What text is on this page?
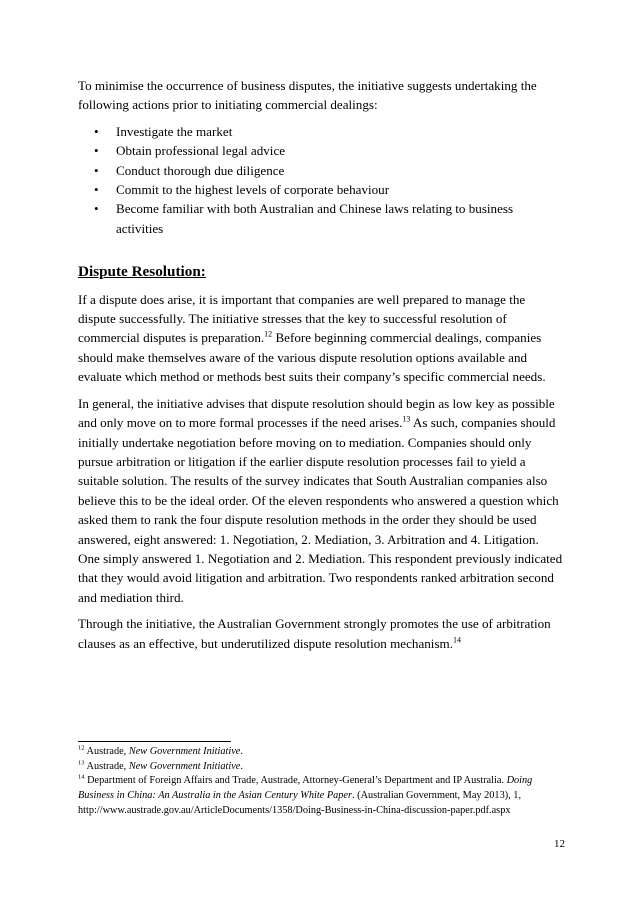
To minimise the occurrence of business disputes, the initiative suggests undertaking the following actions prior to initiating commercial dealings:

• Investigate the market
• Obtain professional legal advice
• Conduct thorough due diligence
• Commit to the highest levels of corporate behaviour
• Become familiar with both Australian and Chinese laws relating to business activities
Dispute Resolution:

If a dispute does arise, it is important that companies are well prepared to manage the dispute successfully. The initiative stresses that the key to successful resolution of commercial disputes is preparation.$^{12}$ Before beginning commercial dealings, companies should make themselves aware of the various dispute resolution options available and evaluate which method or methods best suits their company’s specific commercial needs.

In general, the initiative advises that dispute resolution should begin as low key as possible and only move on to more formal processes if the need arises.$^{13}$ As such, companies should initially undertake negotiation before moving on to mediation. Companies should only pursue arbitration or litigation if the earlier dispute resolution processes fail to yield a suitable solution. The results of the survey indicates that South Australian companies also believe this to be the ideal order. Of the eleven respondents who answered a question which asked them to rank the four dispute resolution methods in the order they should be used answered, eight answered: 1. Negotiation, 2. Mediation, 3. Arbitration and 4. Litigation. One simply answered 1. Negotiation and 2. Mediation. This respondent previously indicated that they would avoid litigation and arbitration. Two respondents ranked arbitration second and mediation third.

Through the initiative, the Australian Government strongly promotes the use of arbitration clauses as an effective, but underutilized dispute resolution mechanism.$^{14}$

$^{12}$ Austrade, New Government Initiative.
$^{13}$ Austrade, New Government Initiative.
$^{14}$ Department of Foreign Affairs and Trade, Austrade, Attorney-General’s Department and IP Australia. Doing Business in China: An Australia in the Asian Century White Paper. (Australian Government, May 2013), 1, http://www.austrade.gov.au/ArticleDocuments/1358/Doing-Business-in-China-discussion-paper.pdf.aspx
12
